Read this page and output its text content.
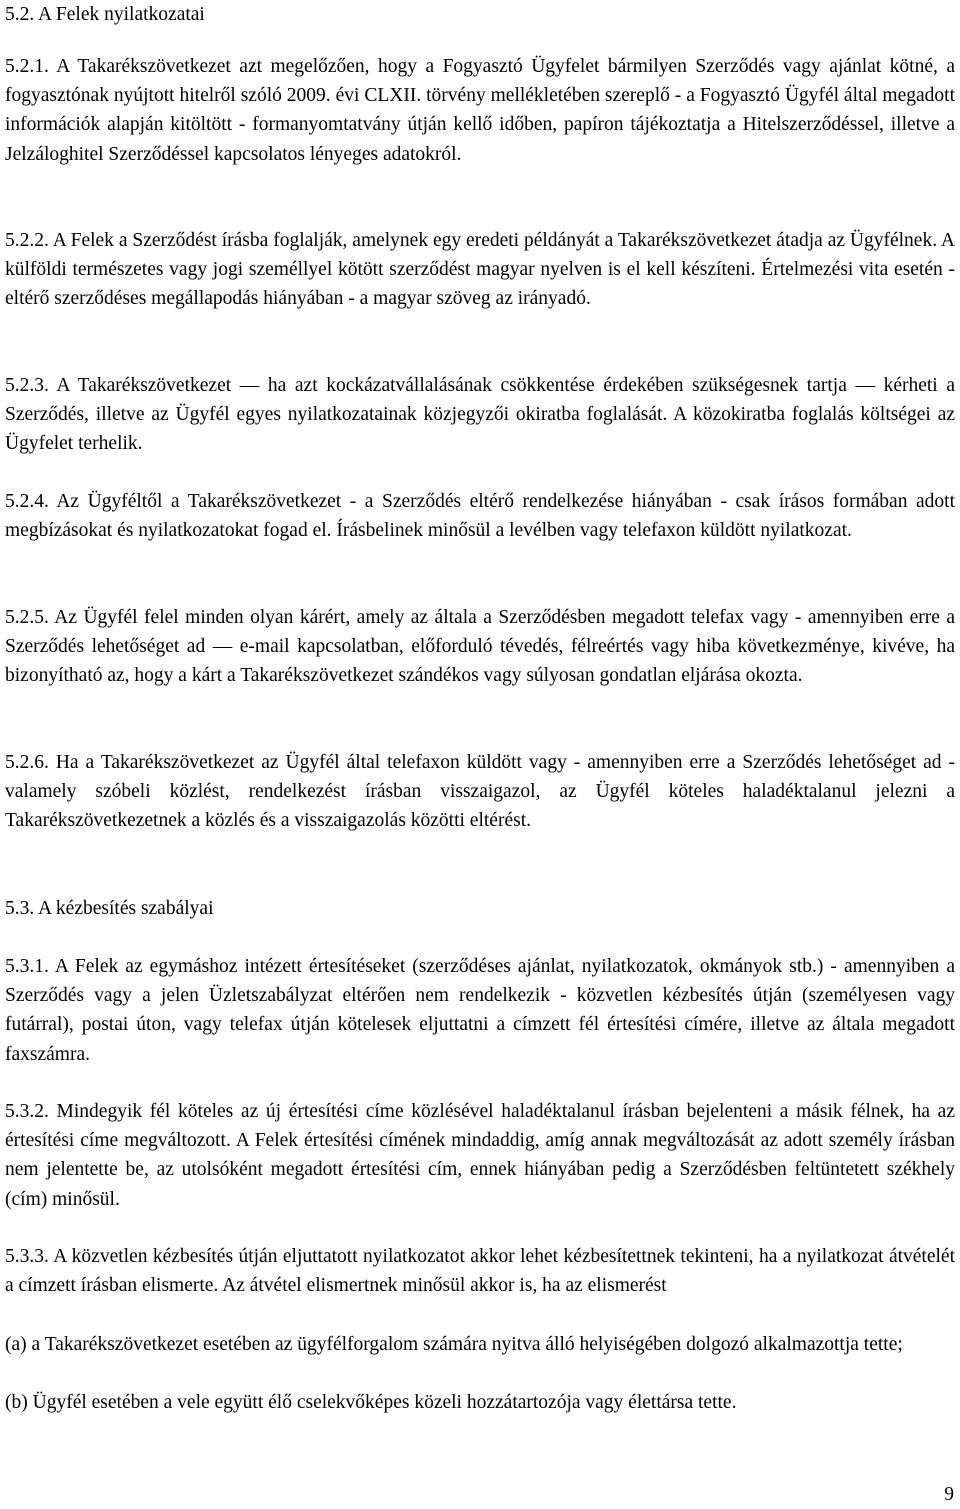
5.2. A Felek nyilatkozatai

5.2.1. A Takarékszövetkezet azt megelőzően, hogy a Fogyasztó Ügyfelet bármilyen Szerződés vagy ajánlat kötné, a fogyasztónak nyújtott hitelről szóló 2009. évi CLXII. törvény mellékletében szereplő - a Fogyasztó Ügyfél által megadott információk alapján kitöltött - formanyomtatvány útján kellő időben, papíron tájékoztatja a Hitelszerződéssel, illetve a Jelzáloghitel Szerződéssel kapcsolatos lényeges adatokról.

5.2.2. A Felek a Szerződést írásba foglalják, amelynek egy eredeti példányát a Takarékszövetkezet átadja az Ügyfélnek. A külföldi természetes vagy jogi személlyel kötött szerződést magyar nyelven is el kell készíteni. Értelmezési vita esetén - eltérő szerződéses megállapodás hiányában - a magyar szöveg az irányadó.

5.2.3. A Takarékszövetkezet — ha azt kockázatvállalásának csökkentése érdekében szükségesnek tartja — kérheti a Szerződés, illetve az Ügyfél egyes nyilatkozatainak közjegyzői okiratba foglalását. A közokiratba foglalás költségei az Ügyfelet terhelik.

5.2.4. Az Ügyféltől a Takarékszövetkezet - a Szerződés eltérő rendelkezése hiányában - csak írásos formában adott megbízásokat és nyilatkozatokat fogad el. Írásbelinek minősül a levélben vagy telefaxon küldött nyilatkozat.

5.2.5. Az Ügyfél felel minden olyan kárért, amely az általa a Szerződésben megadott telefax vagy - amennyiben erre a Szerződés lehetőséget ad — e-mail kapcsolatban, előforduló tévedés, félreértés vagy hiba következménye, kivéve, ha bizonyítható az, hogy a kárt a Takarékszövetkezet szándékos vagy súlyosan gondatlan eljárása okozta.

5.2.6. Ha a Takarékszövetkezet az Ügyfél által telefaxon küldött vagy - amennyiben erre a Szerződés lehetőséget ad - valamely szóbeli közlést, rendelkezést írásban visszaigazol, az Ügyfél köteles haladéktalanul jelezni a Takarékszövetkezetnek a közlés és a visszaigazolás közötti eltérést.

5.3. A kézbesítés szabályai

5.3.1. A Felek az egymáshoz intézett értesítéseket (szerződéses ajánlat, nyilatkozatok, okmányok stb.) - amennyiben a Szerződés vagy a jelen Üzletszabályzat eltérően nem rendelkezik - közvetlen kézbesítés útján (személyesen vagy futárral), postai úton, vagy telefax útján kötelesek eljuttatni a címzett fél értesítési címére, illetve az általa megadott faxszámra.

5.3.2. Mindegyik fél köteles az új értesítési címe közlésével haladéktalanul írásban bejelenteni a másik félnek, ha az értesítési címe megváltozott. A Felek értesítési címének mindaddig, amíg annak megváltozását az adott személy írásban nem jelentette be, az utolsóként megadott értesítési cím, ennek hiányában pedig a Szerződésben feltüntetett székhely (cím) minősül.

5.3.3. A közvetlen kézbesítés útján eljuttatott nyilatkozatot akkor lehet kézbesítettnek tekinteni, ha a nyilatkozat átvételét a címzett írásban elismerte. Az átvétel elismertnek minősül akkor is, ha az elismerést

(a) a Takarékszövetkezet esetében az ügyfélforgalom számára nyitva álló helyiségében dolgozó alkalmazottja tette;

(b) Ügyfél esetében a vele együtt élő cselekvőképes közeli hozzátartozója vagy élettársa tette.

9
